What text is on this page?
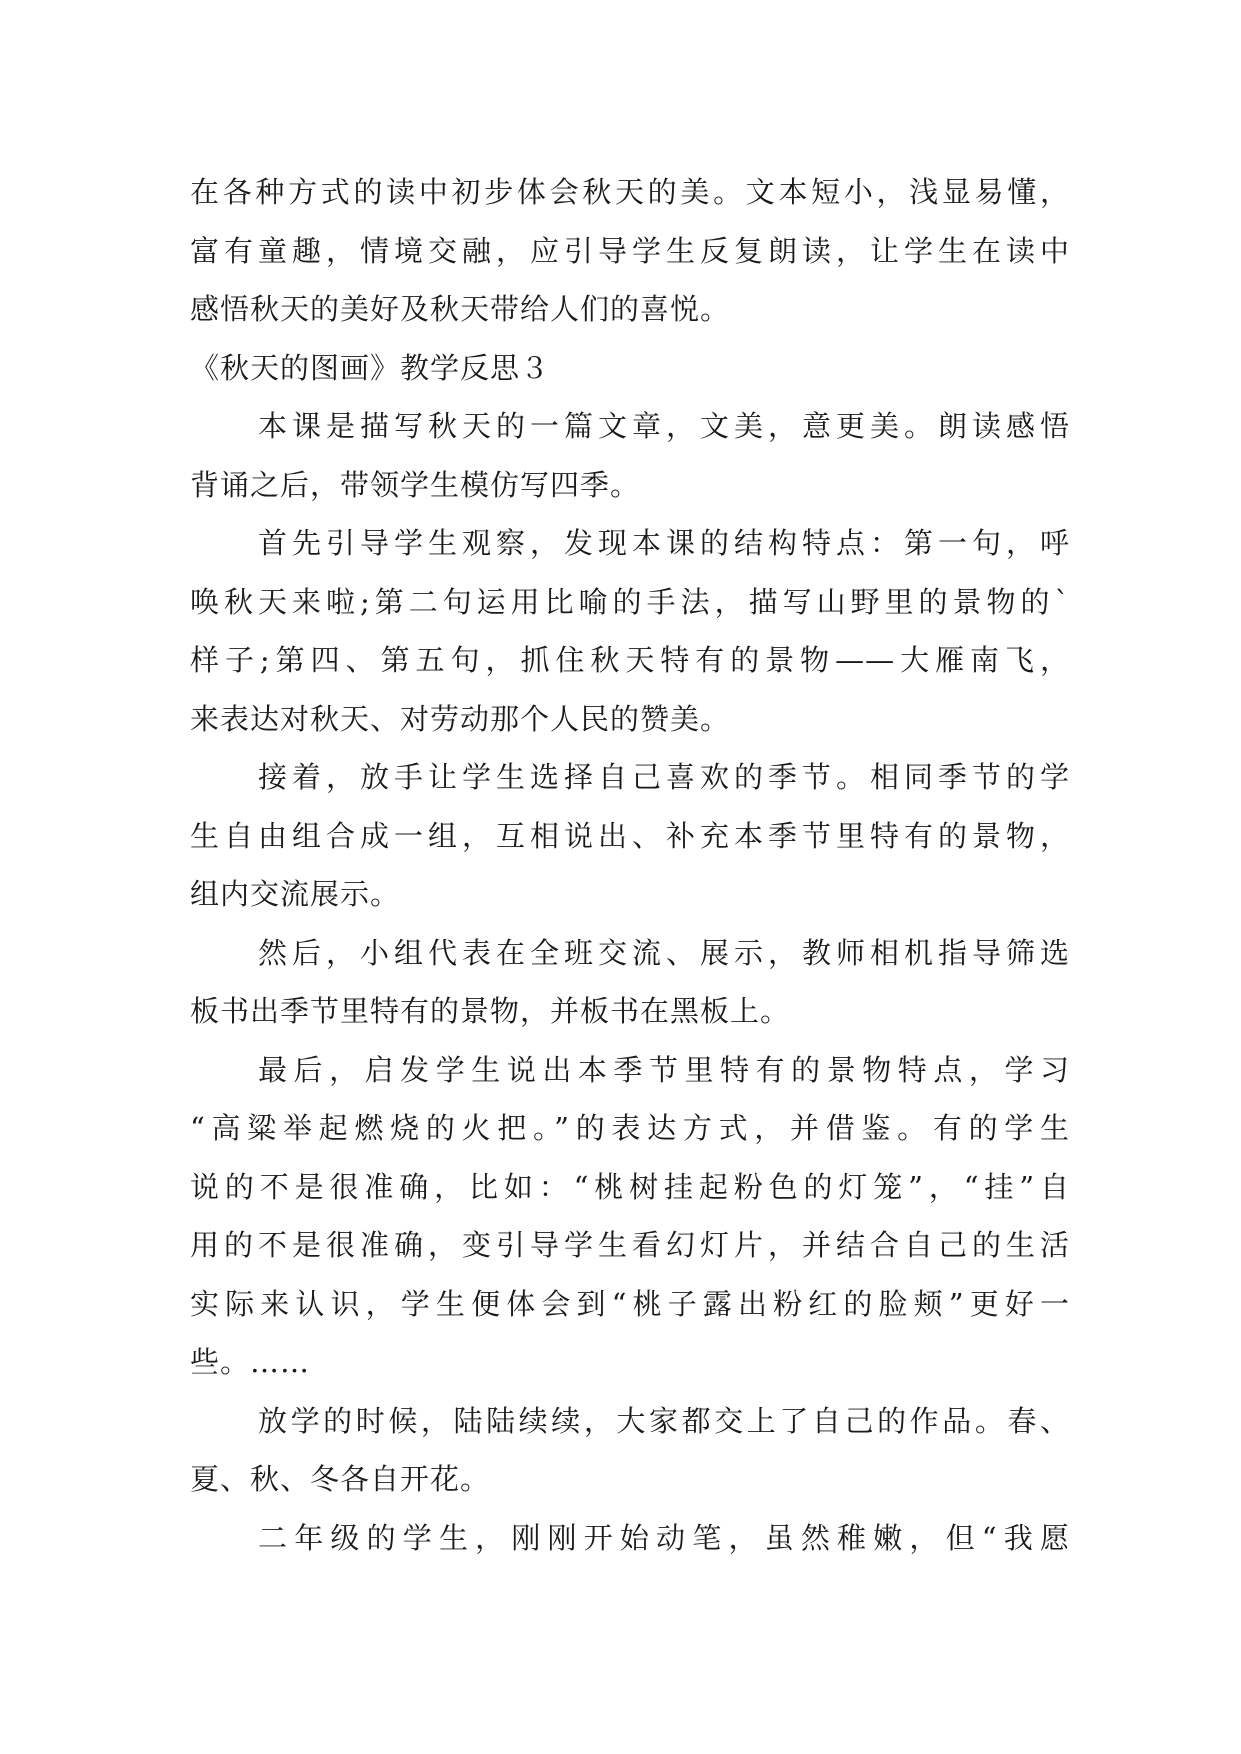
在各种方式的读中初步体会秋天的美。文本短小，浅显易懂，
富有童趣，情境交融，应引导学生反复朗读，让学生在读中
感悟秋天的美好及秋天带给人们的喜悦。
《秋天的图画》教学反思３
本课是描写秋天的一篇文章，文美，意更美。朗读感悟
背诵之后，带领学生模仿写四季。
首先引导学生观察，发现本课的结构特点：第一句，呼
唤秋天来啦;第二句运用比喻的手法，描写山野里的景物的`
样子;第四、第五句，抓住秋天特有的景物——大雁南飞，
来表达对秋天、对劳动那个人民的赞美。
接着，放手让学生选择自己喜欢的季节。相同季节的学
生自由组合成一组，互相说出、补充本季节里特有的景物，
组内交流展示。
然后，小组代表在全班交流、展示，教师相机指导筛选
板书出季节里特有的景物，并板书在黑板上。
最后，启发学生说出本季节里特有的景物特点，学习
“高粱举起燃烧的火把。”的表达方式，并借鉴。有的学生
说的不是很准确，比如：“桃树挂起粉色的灯笼”，“挂”自
用的不是很准确，变引导学生看幻灯片，并结合自己的生活
实际来认识，学生便体会到“桃子露出粉红的脸颊”更好一
些。……
放学的时候，陆陆续续，大家都交上了自己的作品。春、
夏、秋、冬各自开花。
二年级的学生，刚刚开始动笔，虽然稚嫩，但“我愿
